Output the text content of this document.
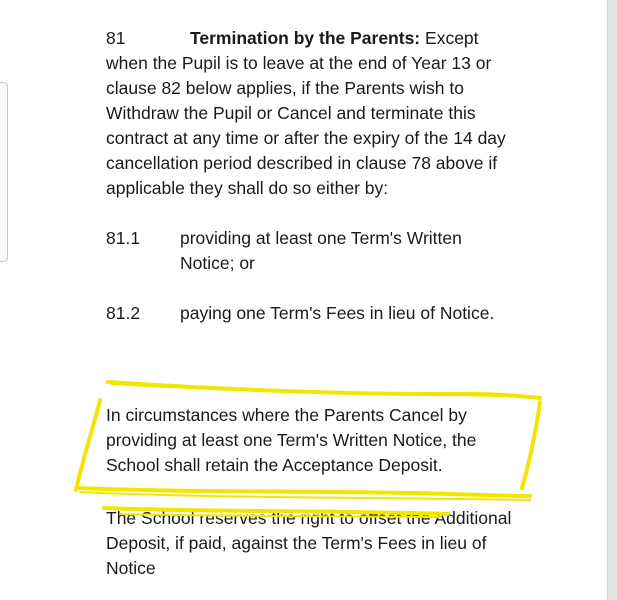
81	Termination by the Parents: Except

when the Pupil is to leave at the end of Year 13 or clause 82 below applies, if the Parents wish to Withdraw the Pupil or Cancel and terminate this contract at any time or after the expiry of the 14 day cancellation period described in clause 78 above if applicable they shall do so either by:

81.1	providing at least one Term's Written Notice; or
81.2	paying one Term's Fees in lieu of Notice.

In circumstances where the Parents Cancel by providing at least one Term's Written Notice, the School shall retain the Acceptance Deposit.

The School reserves the right to offset the Additional Deposit, if paid, against the Term's Fees in lieu of Notice
